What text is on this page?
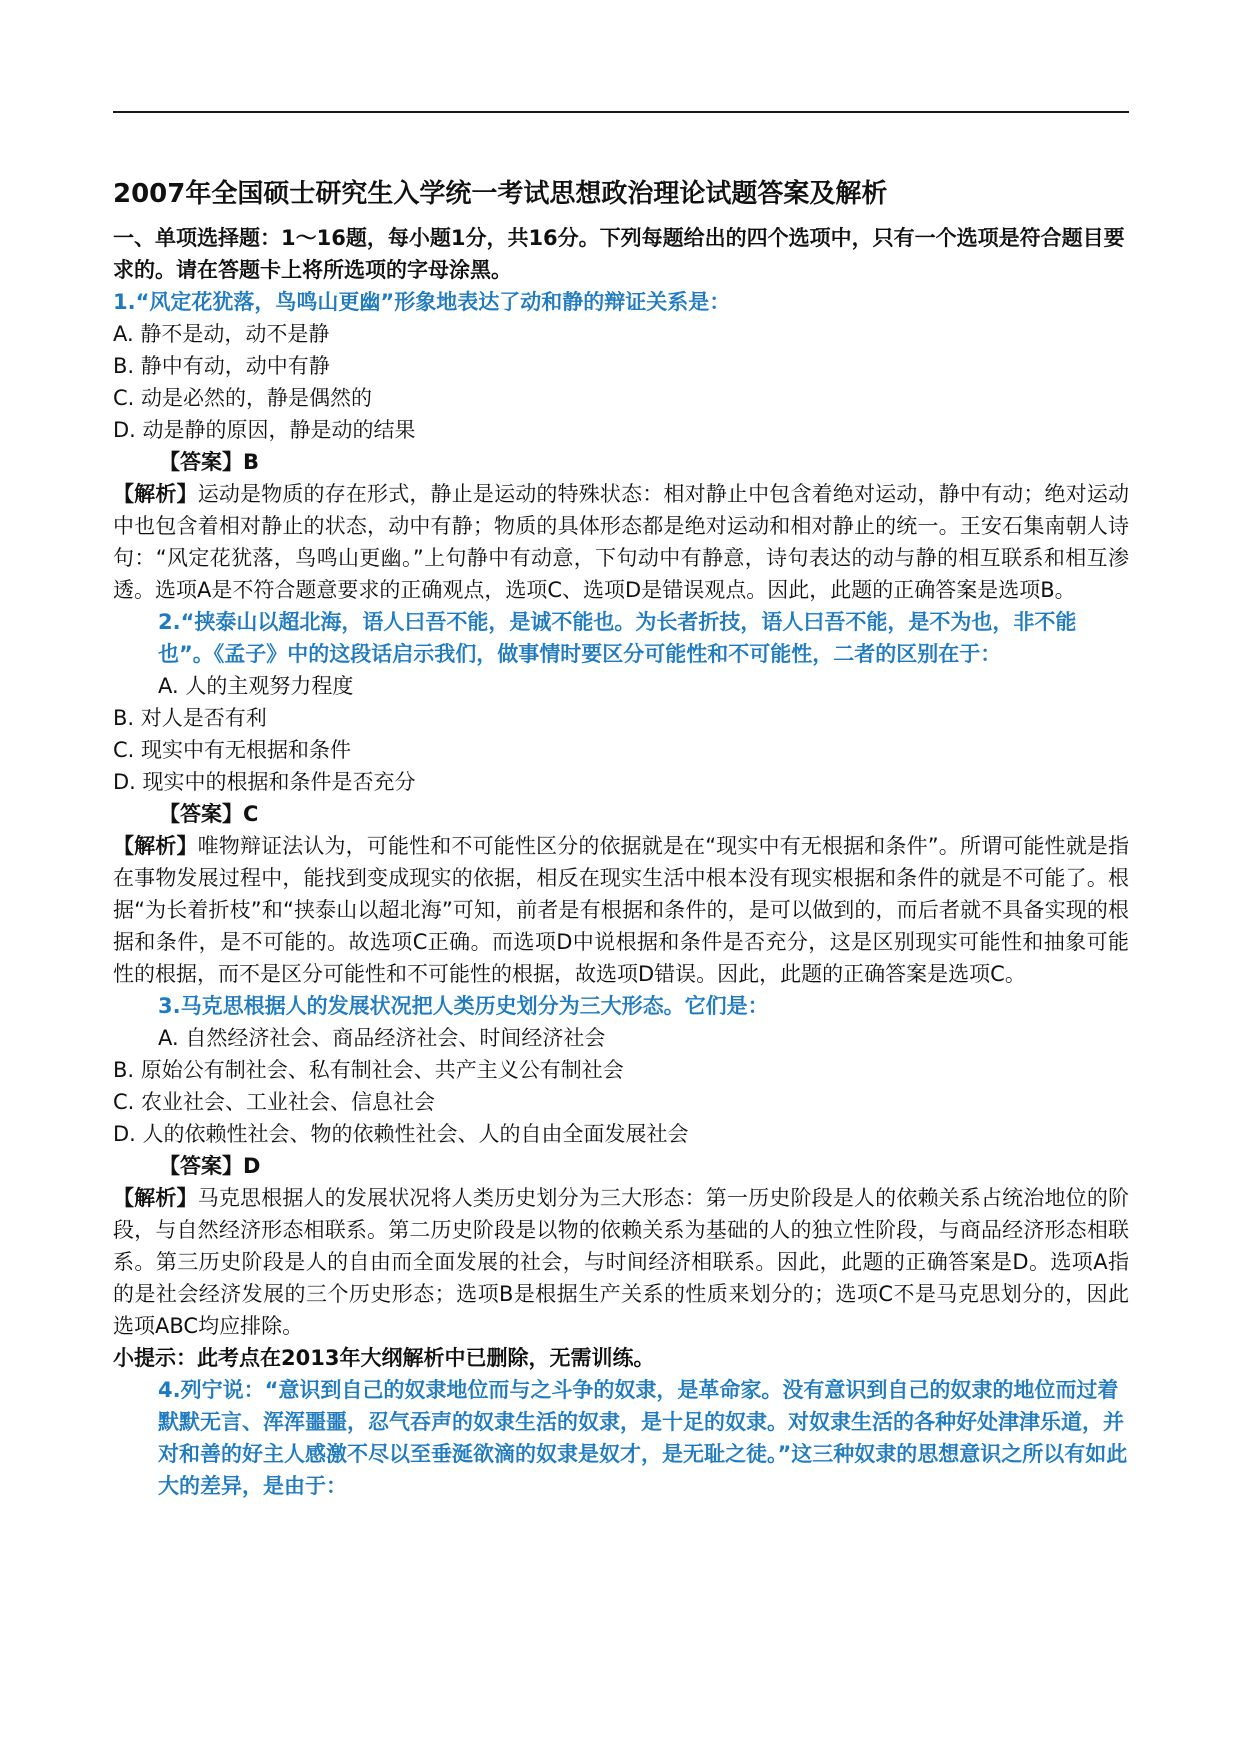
2007年全国硕士研究生入学统一考试思想政治理论试题答案及解析

一、单项选择题：1～16题，每小题1分，共16分。下列每题给出的四个选项中，只有一个选项是符合题目要求的。请在答题卡上将所选项的字母涂黑。

1.“风定花犹落，鸟鸣山更幽”形象地表达了动和静的辩证关系是：

A. 静不是动，动不是静

B. 静中有动，动中有静

C. 动是必然的，静是偶然的

D. 动是静的原因，静是动的结果

【答案】B

【解析】运动是物质的存在形式，静止是运动的特殊状态：相对静止中包含着绝对运动，静中有动；绝对运动中也包含着相对静止的状态，动中有静；物质的具体形态都是绝对运动和相对静止的统一。王安石集南朝人诗句：“风定花犹落，鸟鸣山更幽。”上句静中有动意，下句动中有静意，诗句表达的动与静的相互联系和相互渗透。选项A是不符合题意要求的正确观点，选项C、选项D是错误观点。因此，此题的正确答案是选项B。

2.“挟泰山以超北海，语人曰吾不能，是诚不能也。为长者折技，语人曰吾不能，是不为也，非不能也”。《孟子》中的这段话启示我们，做事情时要区分可能性和不可能性，二者的区别在于：

A. 人的主观努力程度

B. 对人是否有利

C. 现实中有无根据和条件

D. 现实中的根据和条件是否充分

【答案】C

【解析】唯物辩证法认为，可能性和不可能性区分的依据就是在“现实中有无根据和条件”。所谓可能性就是指在事物发展过程中，能找到变成现实的依据，相反在现实生活中根本没有现实根据和条件的就是不可能了。根据“为长着折枝”和“挟泰山以超北海”可知，前者是有根据和条件的，是可以做到的，而后者就不具备实现的根据和条件，是不可能的。故选项C正确。而选项D中说根据和条件是否充分，这是区别现实可能性和抽象可能性的根据，而不是区分可能性和不可能性的根据，故选项D错误。因此，此题的正确答案是选项C。

3.马克思根据人的发展状况把人类历史划分为三大形态。它们是：

A. 自然经济社会、商品经济社会、时间经济社会

B. 原始公有制社会、私有制社会、共产主义公有制社会

C. 农业社会、工业社会、信息社会

D. 人的依赖性社会、物的依赖性社会、人的自由全面发展社会

【答案】D

【解析】马克思根据人的发展状况将人类历史划分为三大形态：第一历史阶段是人的依赖关系占统治地位的阶段，与自然经济形态相联系。第二历史阶段是以物的依赖关系为基础的人的独立性阶段，与商品经济形态相联系。第三历史阶段是人的自由而全面发展的社会，与时间经济相联系。因此，此题的正确答案是D。选项A指的是社会经济发展的三个历史形态；选项B是根据生产关系的性质来划分的；选项C不是马克思划分的，因此选项ABC均应排除。

小提示：此考点在2013年大纲解析中已删除，无需训练。

4.列宁说：“意识到自己的奴隶地位而与之斗争的奴隶，是革命家。没有意识到自己的奴隶的地位而过着默默无言、浑浑噩噩，忍气吞声的奴隶生活的奴隶，是十足的奴隶。对奴隶生活的各种好处津津乐道，并对和善的好主人感激不尽以至垂涎欲滴的奴隶是奴才，是无耻之徒。”这三种奴隶的思想意识之所以有如此大的差异，是由于：
